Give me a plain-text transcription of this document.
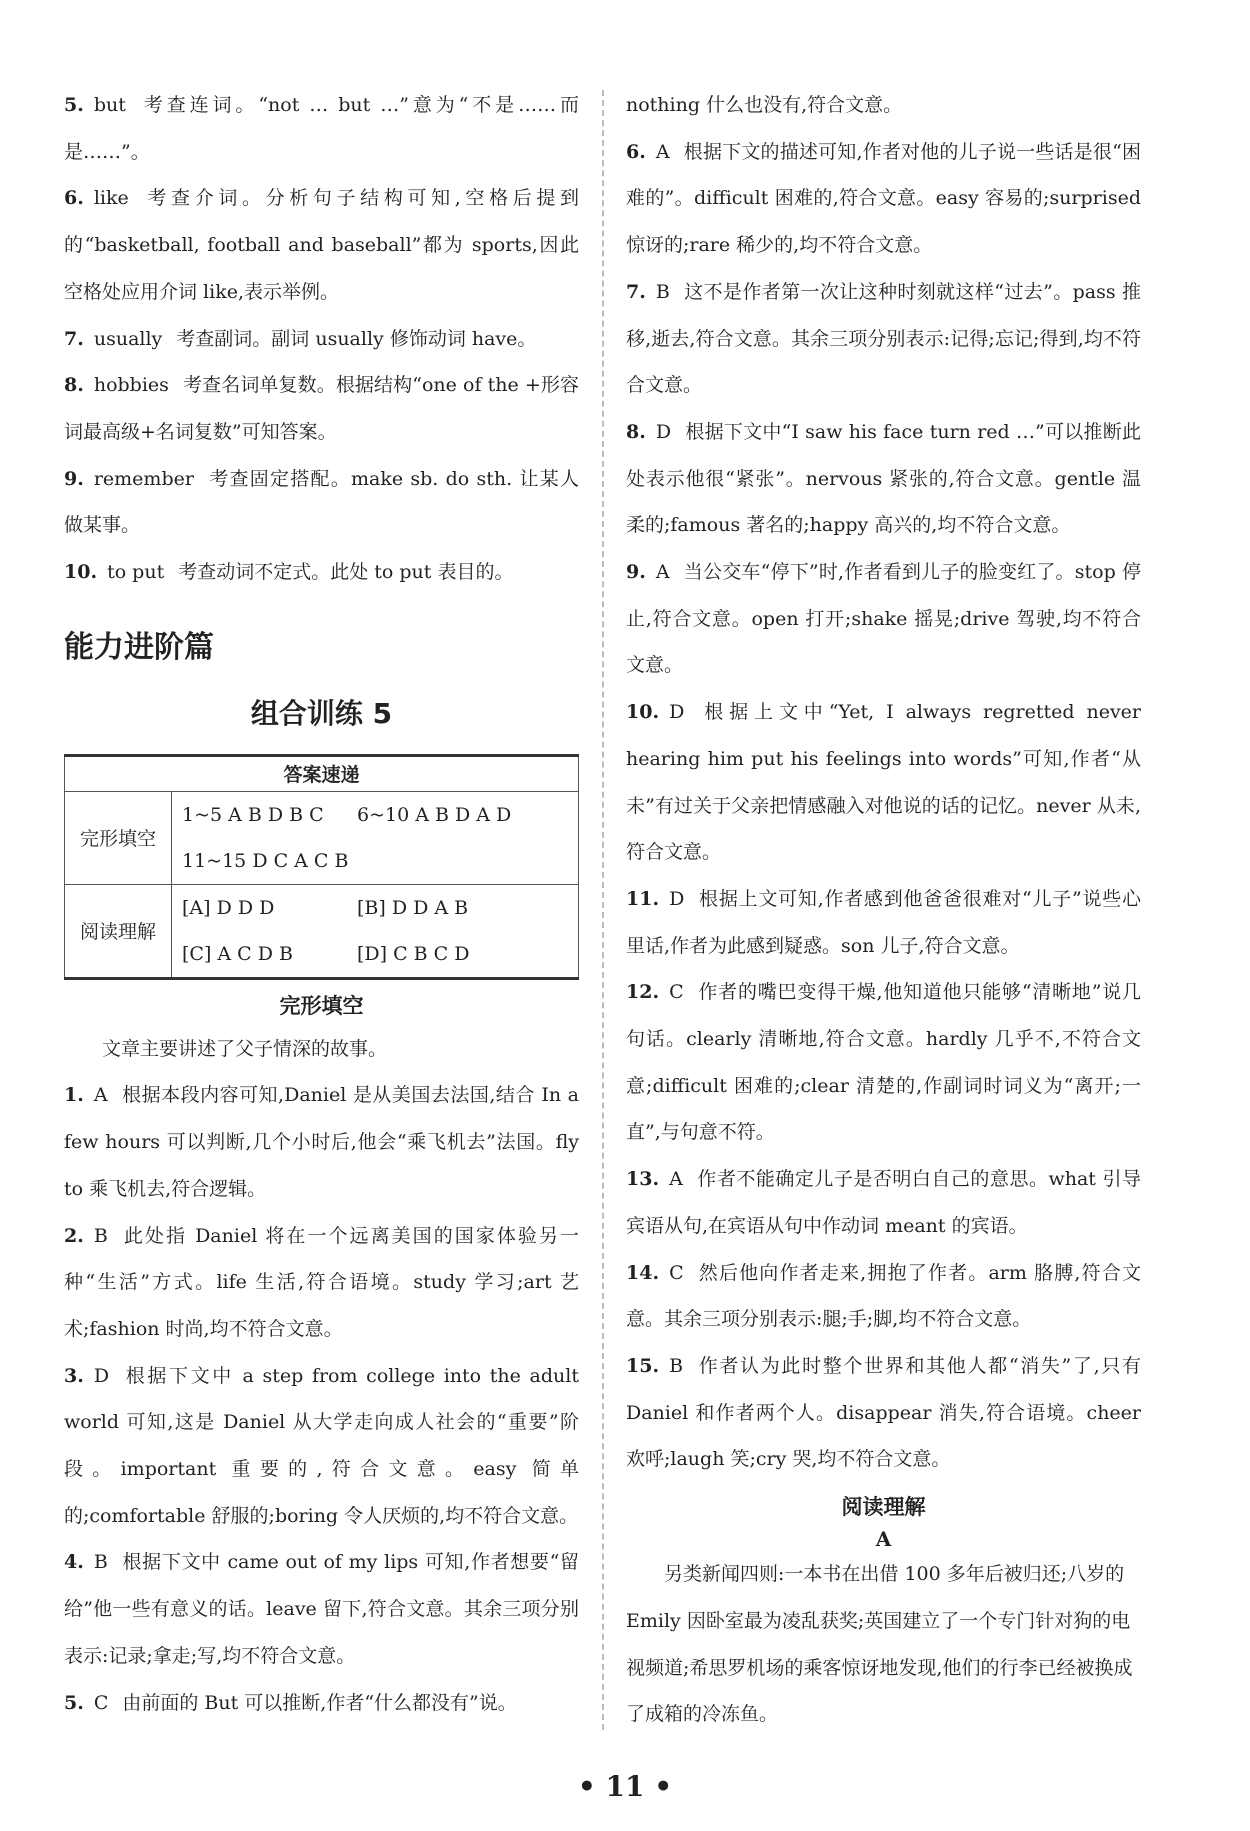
5. but 考查连词。“not … but …”意为“不是……而是……”。

6. like 考查介词。分析句子结构可知,空格后提到的“basketball, football and baseball”都为 sports,因此空格处应用介词 like,表示举例。

7. usually 考查副词。副词 usually 修饰动词 have。

8. hobbies 考查名词单复数。根据结构“one of the +形容词最高级+名词复数”可知答案。

9. remember 考查固定搭配。make sb. do sth. 让某人做某事。

10. to put 考查动词不定式。此处 to put 表目的。

能力进阶篇
组合训练 5
答案速递	
完形填空	1~5 A B D B C 6~10 A B D A D
11~15 D C A C B

阅读理解	[A] D D D [B] D D A B
[C] A C D B [D] C B C D
完形填空

文章主要讲述了父子情深的故事。

1. A 根据本段内容可知,Daniel 是从美国去法国,结合 In a few hours 可以判断,几个小时后,他会“乘飞机去”法国。fly to 乘飞机去,符合逻辑。

2. B 此处指 Daniel 将在一个远离美国的国家体验另一种“生活”方式。life 生活,符合语境。study 学习;art 艺术;fashion 时尚,均不符合文意。

3. D 根据下文中 a step from college into the adult world 可知,这是 Daniel 从大学走向成人社会的“重要”阶段。important 重要的,符合文意。easy 简单的;comfortable 舒服的;boring 令人厌烦的,均不符合文意。

4. B 根据下文中 came out of my lips 可知,作者想要“留给”他一些有意义的话。leave 留下,符合文意。其余三项分别表示:记录;拿走;写,均不符合文意。

5. C 由前面的 But 可以推断,作者“什么都没有”说。

nothing 什么也没有,符合文意。

6. A 根据下文的描述可知,作者对他的儿子说一些话是很“困难的”。difficult 困难的,符合文意。easy 容易的;surprised 惊讶的;rare 稀少的,均不符合文意。

7. B 这不是作者第一次让这种时刻就这样“过去”。pass 推移,逝去,符合文意。其余三项分别表示:记得;忘记;得到,均不符合文意。

8. D 根据下文中“I saw his face turn red …”可以推断此处表示他很“紧张”。nervous 紧张的,符合文意。gentle 温柔的;famous 著名的;happy 高兴的,均不符合文意。

9. A 当公交车“停下”时,作者看到儿子的脸变红了。stop 停止,符合文意。open 打开;shake 摇晃;drive 驾驶,均不符合文意。

10. D 根据上文中“Yet, I always regretted never hearing him put his feelings into words”可知,作者“从未”有过关于父亲把情感融入对他说的话的记忆。never 从未,符合文意。

11. D 根据上文可知,作者感到他爸爸很难对“儿子”说些心里话,作者为此感到疑惑。son 儿子,符合文意。

12. C 作者的嘴巴变得干燥,他知道他只能够“清晰地”说几句话。clearly 清晰地,符合文意。hardly 几乎不,不符合文意;difficult 困难的;clear 清楚的,作副词时词义为“离开;一直”,与句意不符。

13. A 作者不能确定儿子是否明白自己的意思。what 引导宾语从句,在宾语从句中作动词 meant 的宾语。

14. C 然后他向作者走来,拥抱了作者。arm 胳膊,符合文意。其余三项分别表示:腿;手;脚,均不符合文意。

15. B 作者认为此时整个世界和其他人都“消失”了,只有 Daniel 和作者两个人。disappear 消失,符合语境。cheer 欢呼;laugh 笑;cry 哭,均不符合文意。

阅读理解
A

另类新闻四则:一本书在出借 100 多年后被归还;八岁的 Emily 因卧室最为凌乱获奖;英国建立了一个专门针对狗的电视频道;希思罗机场的乘客惊讶地发现,他们的行李已经被换成了成箱的冷冻鱼。

• 11 •
